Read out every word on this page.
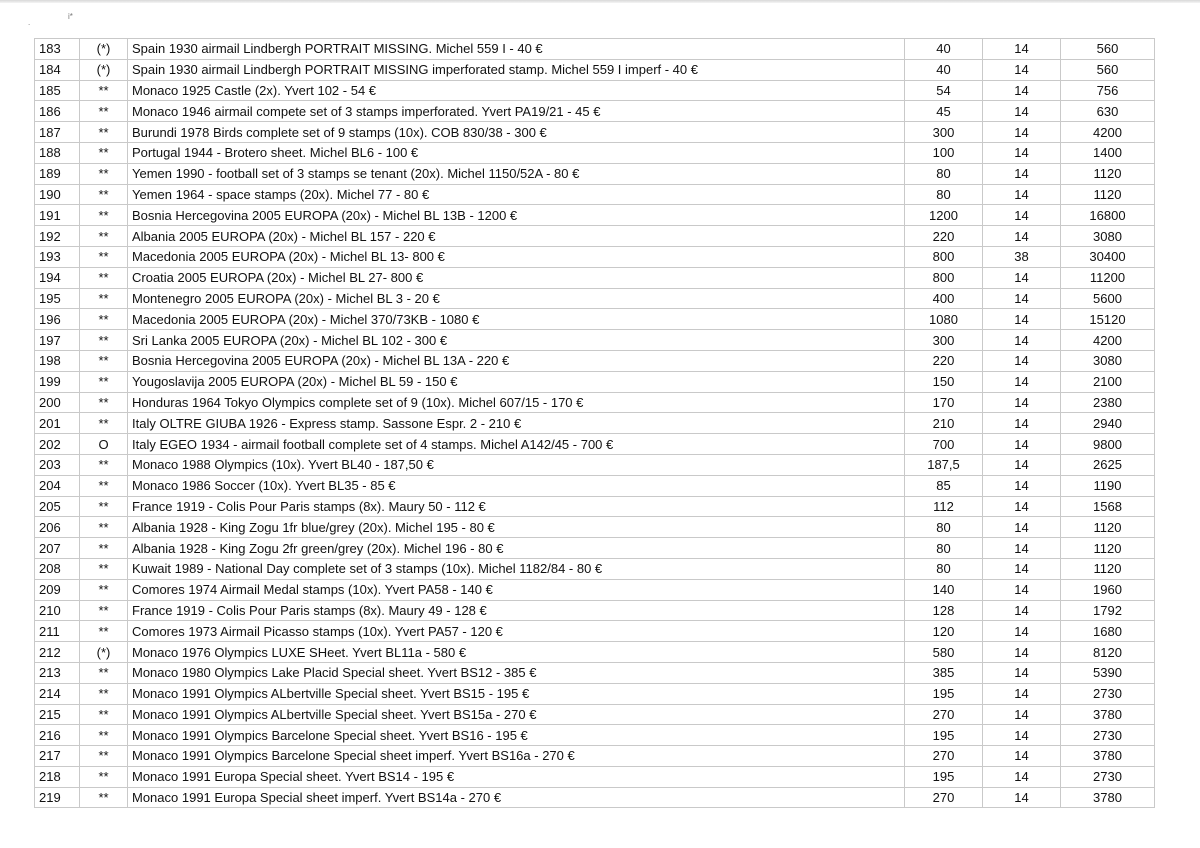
.
i*
183	(*)	Spain 1930 airmail Lindbergh PORTRAIT MISSING. Michel 559 I - 40 €	40	14	560
184	(*)	Spain 1930 airmail Lindbergh PORTRAIT MISSING imperforated stamp. Michel 559 I imperf - 40 €	40	14	560
185	**	Monaco 1925 Castle (2x). Yvert 102 - 54 €	54	14	756
186	**	Monaco 1946 airmail compete set of 3 stamps imperforated. Yvert PA19/21 - 45 €	45	14	630
187	**	Burundi 1978 Birds complete set of 9 stamps (10x). COB 830/38 - 300 €	300	14	4200
188	**	Portugal 1944 - Brotero sheet. Michel BL6 - 100 €	100	14	1400
189	**	Yemen 1990 - football set of 3 stamps se tenant (20x). Michel 1150/52A - 80 €	80	14	1120
190	**	Yemen 1964 - space stamps (20x). Michel 77 - 80 €	80	14	1120
191	**	Bosnia Hercegovina 2005 EUROPA (20x) - Michel BL 13B - 1200 €	1200	14	16800
192	**	Albania 2005 EUROPA (20x) - Michel BL 157 - 220 €	220	14	3080
193	**	Macedonia 2005 EUROPA (20x) - Michel BL 13- 800 €	800	38	30400
194	**	Croatia 2005 EUROPA (20x) - Michel BL 27- 800 €	800	14	11200
195	**	Montenegro 2005 EUROPA (20x) - Michel BL 3 - 20 €	400	14	5600
196	**	Macedonia 2005 EUROPA (20x) - Michel 370/73KB - 1080 €	1080	14	15120
197	**	Sri Lanka 2005 EUROPA (20x) - Michel BL 102 - 300 €	300	14	4200
198	**	Bosnia Hercegovina 2005 EUROPA (20x) - Michel BL 13A - 220 €	220	14	3080
199	**	Yougoslavija 2005 EUROPA (20x) - Michel BL 59 - 150 €	150	14	2100
200	**	Honduras 1964 Tokyo Olympics complete set of 9 (10x). Michel 607/15 - 170 €	170	14	2380
201	**	Italy OLTRE GIUBA 1926 - Express stamp. Sassone Espr. 2 - 210 €	210	14	2940
202	O	Italy EGEO 1934 - airmail football complete set of 4 stamps. Michel A142/45 - 700 €	700	14	9800
203	**	Monaco 1988 Olympics (10x). Yvert BL40 - 187,50 €	187,5	14	2625
204	**	Monaco 1986 Soccer (10x). Yvert BL35 - 85 €	85	14	1190
205	**	France 1919 - Colis Pour Paris stamps (8x). Maury 50 - 112 €	112	14	1568
206	**	Albania 1928 - King Zogu 1fr blue/grey (20x). Michel 195 - 80 €	80	14	1120
207	**	Albania 1928 - King Zogu 2fr green/grey (20x). Michel 196 - 80 €	80	14	1120
208	**	Kuwait 1989 - National Day complete set of 3 stamps (10x). Michel 1182/84 - 80 €	80	14	1120
209	**	Comores 1974 Airmail Medal stamps (10x). Yvert PA58 - 140 €	140	14	1960
210	**	France 1919 - Colis Pour Paris stamps (8x). Maury 49 - 128 €	128	14	1792
211	**	Comores 1973 Airmail Picasso stamps (10x). Yvert PA57 - 120 €	120	14	1680
212	(*)	Monaco 1976 Olympics LUXE SHeet. Yvert BL11a - 580 €	580	14	8120
213	**	Monaco 1980 Olympics Lake Placid Special sheet. Yvert BS12 - 385 €	385	14	5390
214	**	Monaco 1991 Olympics ALbertville Special sheet. Yvert BS15 - 195 €	195	14	2730
215	**	Monaco 1991 Olympics ALbertville Special sheet. Yvert BS15a - 270 €	270	14	3780
216	**	Monaco 1991 Olympics Barcelone Special sheet. Yvert BS16 - 195 €	195	14	2730
217	**	Monaco 1991 Olympics Barcelone Special sheet imperf. Yvert BS16a - 270 €	270	14	3780
218	**	Monaco 1991 Europa Special sheet. Yvert BS14 - 195 €	195	14	2730
219	**	Monaco 1991 Europa Special sheet imperf. Yvert BS14a - 270 €	270	14	3780
